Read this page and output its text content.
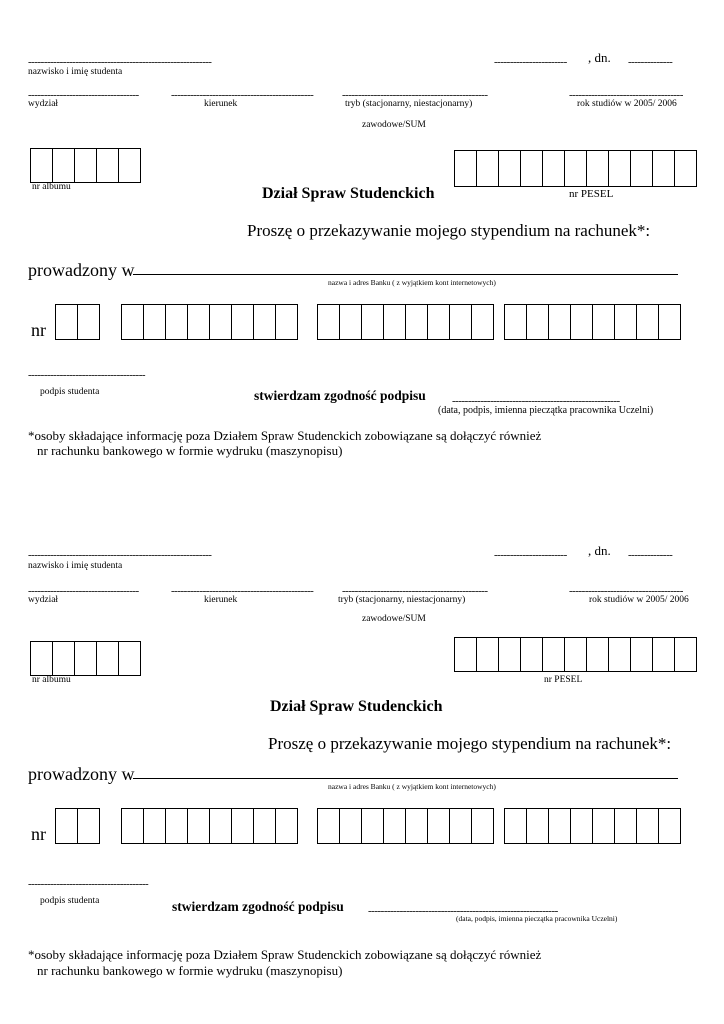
----------------------------------------------------------	----------------------- , dn. --------------
nazwisko i imię studenta
-----------------------------------	---------------------------------------------	----------------------------------------------	------------------------------------
wydział	kierunek	tryb (stacjonarny, niestacjonarny)	rok studiów w 2005/ 2006
zawodowe/SUM
nr albumu	Dział Spraw Studenckich	nr PESEL
Proszę o przekazywanie mojego stypendium na rachunek*:
prowadzony w
nazwa i adres Banku ( z wyjątkiem kont internetowych)
nr
-------------------------------------
podpis studenta	stwierdzam zgodność podpisu -----------------------------------------------------
(data, podpis, imienna pieczątka pracownika Uczelni)
*osoby składające informację poza Działem Spraw Studenckich zobowiązane są dołączyć również
nr rachunku bankowego w formie wydruku (maszynopisu)
----------------------------------------------------------	----------------------- , dn. --------------
nazwisko i imię studenta
-----------------------------------	---------------------------------------------	----------------------------------------------	------------------------------------
wydział	kierunek	tryb (stacjonarny, niestacjonarny)	rok studiów w 2005/ 2006
zawodowe/SUM
nr albumu	nr PESEL
Dział Spraw Studenckich
Proszę o przekazywanie mojego stypendium na rachunek*:
prowadzony w
nazwa i adres Banku ( z wyjątkiem kont internetowych)
nr
--------------------------------------
podpis studenta	stwierdzam zgodność podpisu ------------------------------------------------------------
(data, podpis, imienna pieczątka pracownika Uczelni)
*osoby składające informację poza Działem Spraw Studenckich zobowiązane są dołączyć również
nr rachunku bankowego w formie wydruku (maszynopisu)
